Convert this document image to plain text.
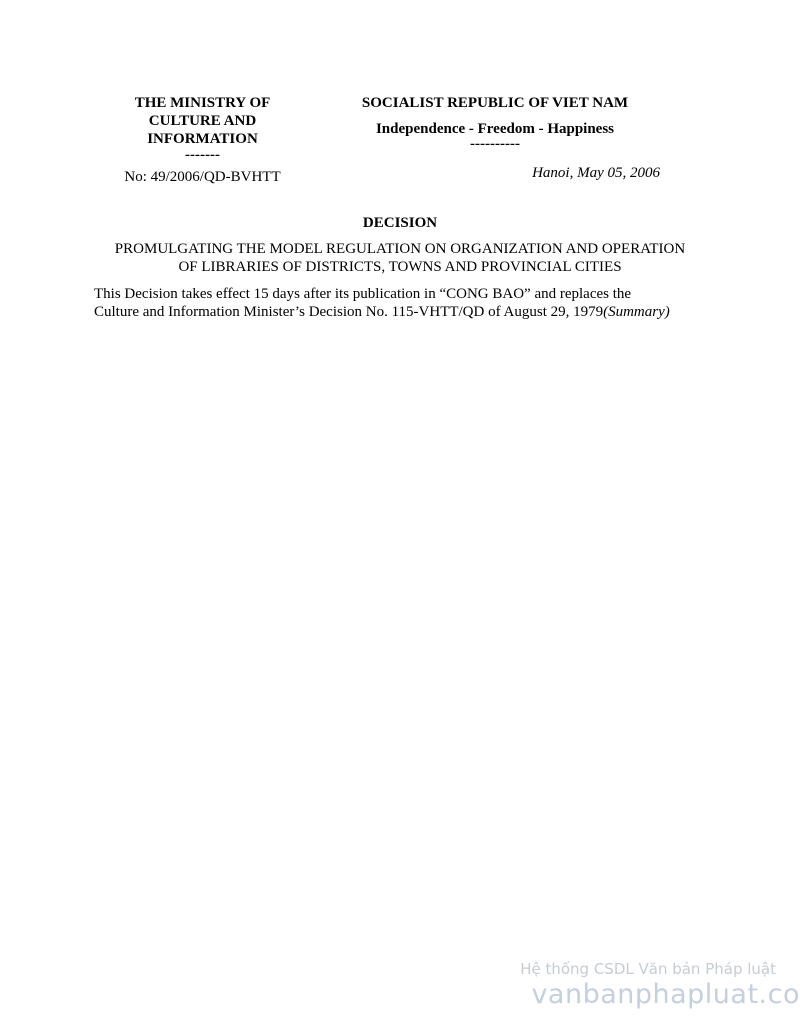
THE MINISTRY OF
CULTURE AND
INFORMATION
-------
No: 49/2006/QD-BVHTT
SOCIALIST REPUBLIC OF VIET NAM
Independence - Freedom - Happiness
----------
Hanoi, May 05, 2006
DECISION
PROMULGATING THE MODEL REGULATION ON ORGANIZATION AND OPERATION
OF LIBRARIES OF DISTRICTS, TOWNS AND PROVINCIAL CITIES
This Decision takes effect 15 days after its publication in “CONG BAO” and replaces the
Culture and Information Minister’s Decision No. 115-VHTT/QD of August 29, 1979(Summary)
Hệ thống CSDL Văn bản Pháp luật
vanbanphapluat.co
